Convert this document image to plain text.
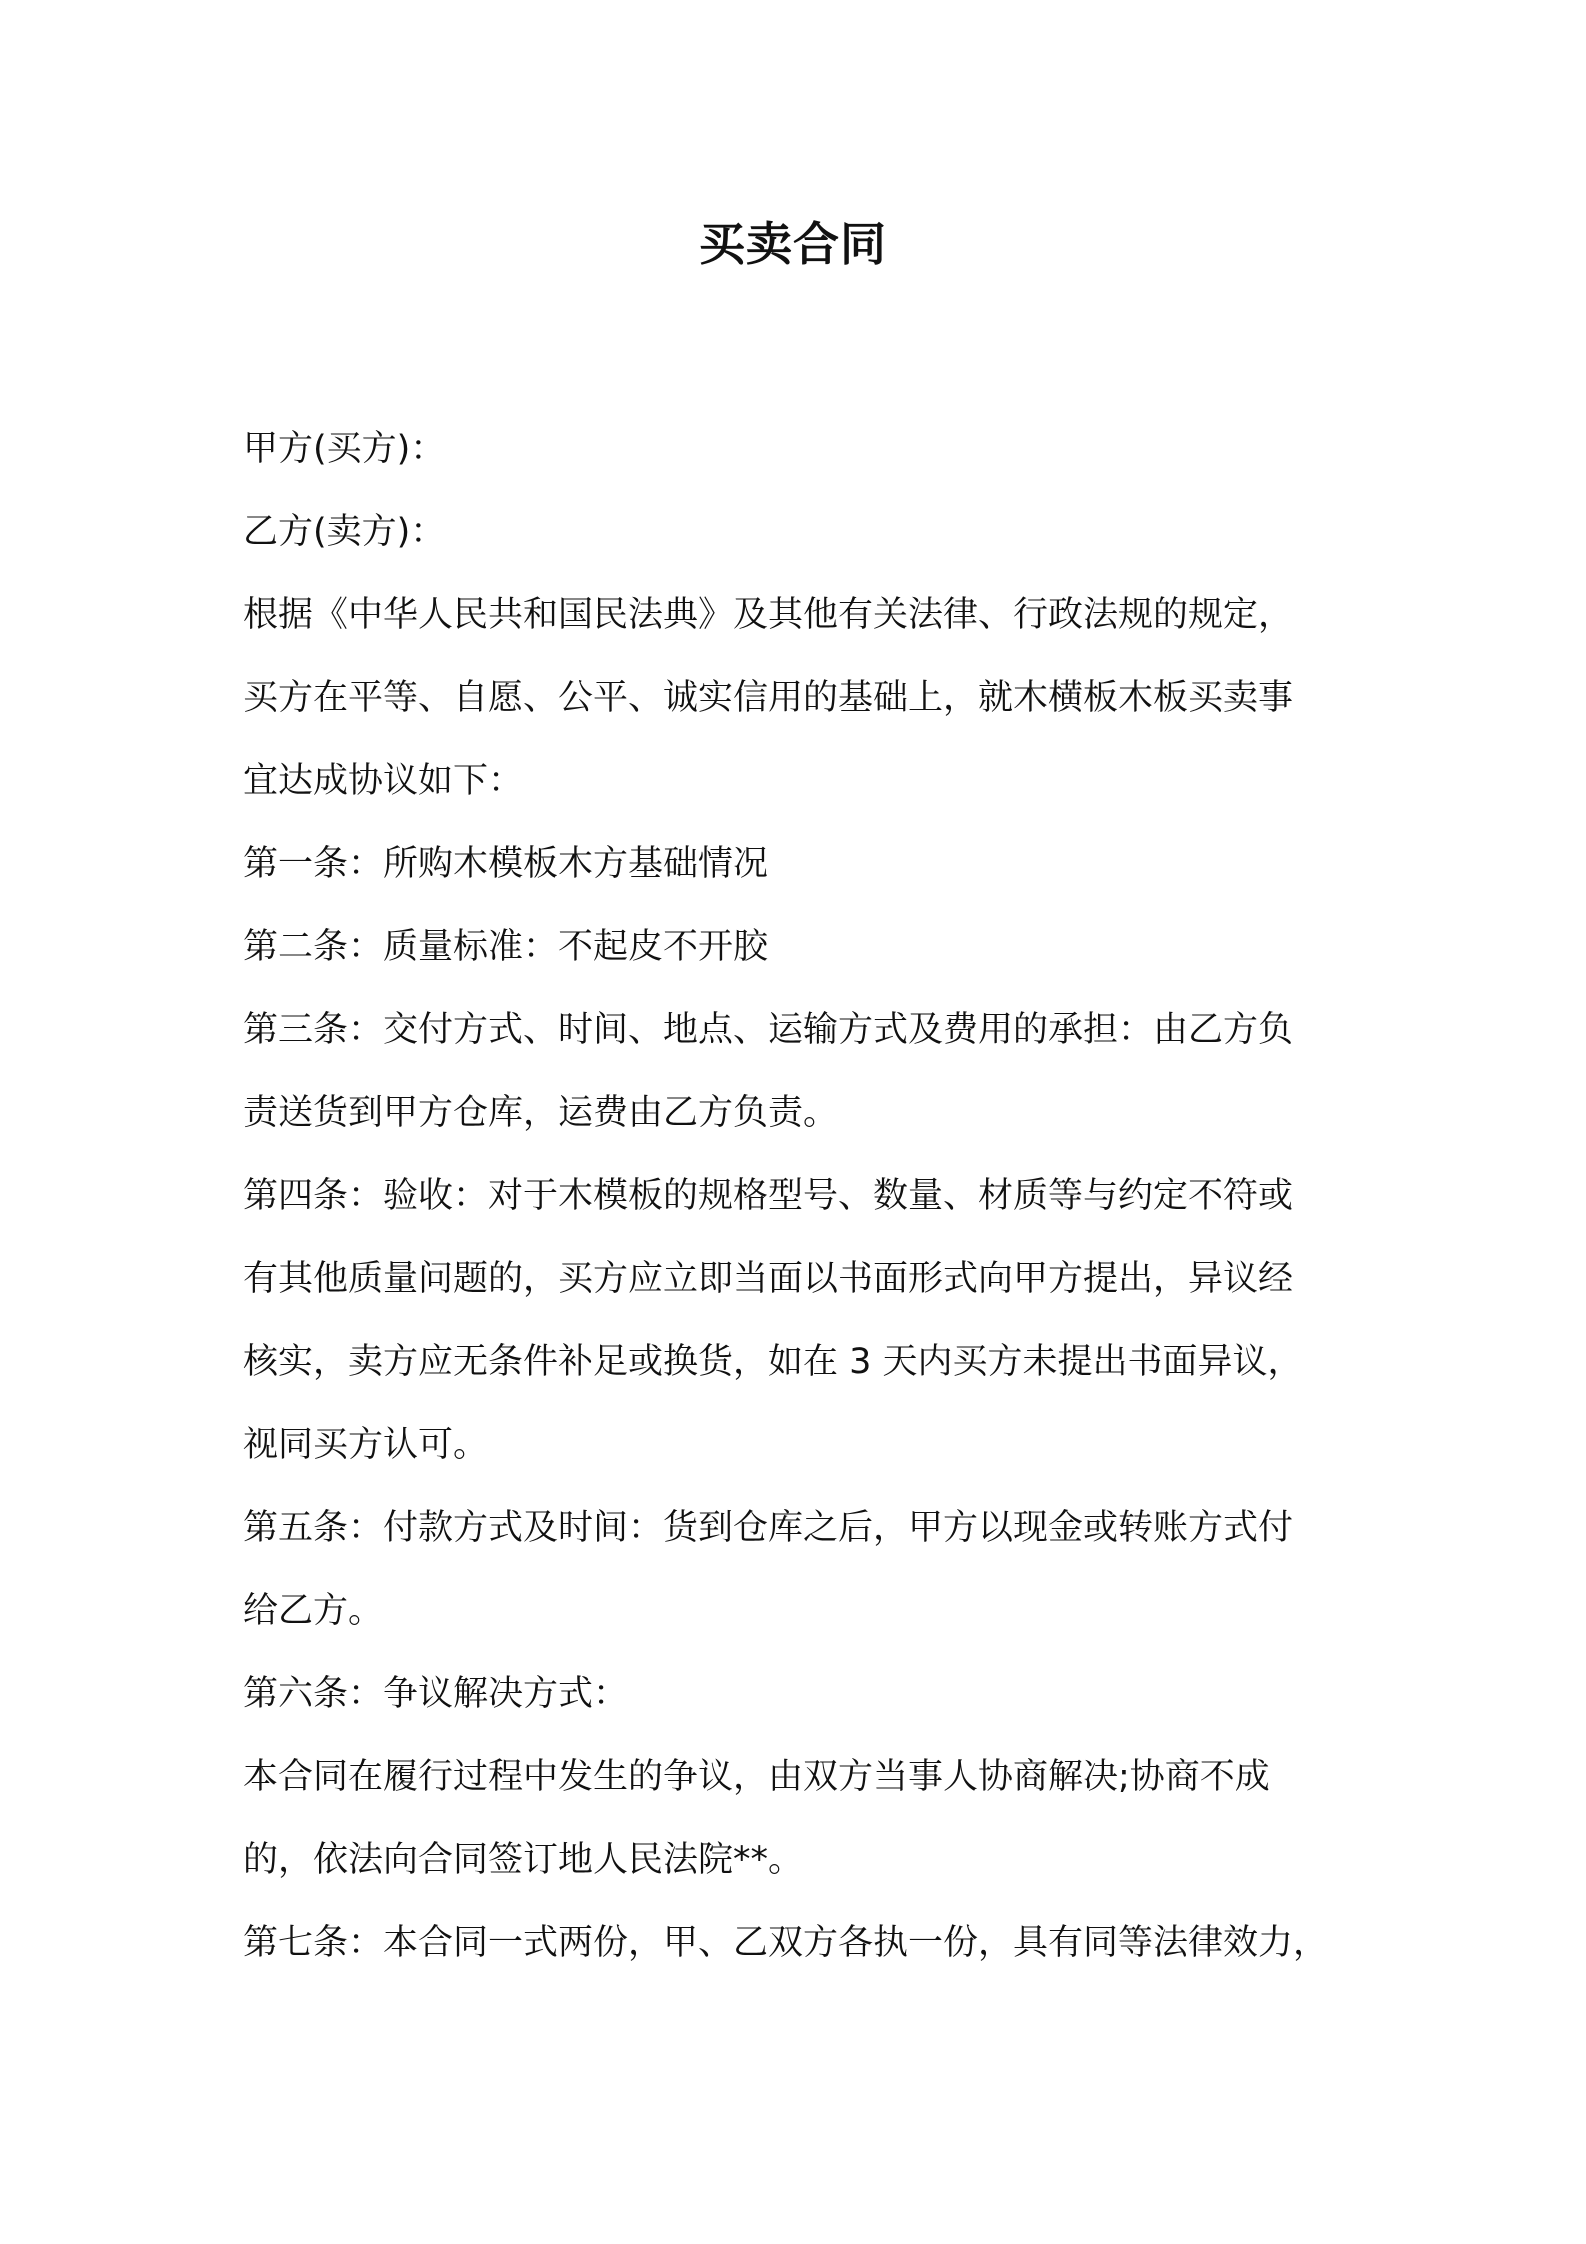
买卖合同
甲方(买方)：
乙方(卖方)：
根据《中华人民共和国民法典》及其他有关法律、行政法规的规定，
买方在平等、自愿、公平、诚实信用的基础上，就木横板木板买卖事
宜达成协议如下：
第一条：所购木模板木方基础情况
第二条：质量标准：不起皮不开胶
第三条：交付方式、时间、地点、运输方式及费用的承担：由乙方负
责送货到甲方仓库，运费由乙方负责。
第四条：验收：对于木模板的规格型号、数量、材质等与约定不符或
有其他质量问题的，买方应立即当面以书面形式向甲方提出，异议经
核实，卖方应无条件补足或换货，如在 3 天内买方未提出书面异议，
视同买方认可。
第五条：付款方式及时间：货到仓库之后，甲方以现金或转账方式付
给乙方。
第六条：争议解决方式：
本合同在履行过程中发生的争议，由双方当事人协商解决;协商不成
的，依法向合同签订地人民法院**。
第七条：本合同一式两份，甲、乙双方各执一份，具有同等法律效力，
